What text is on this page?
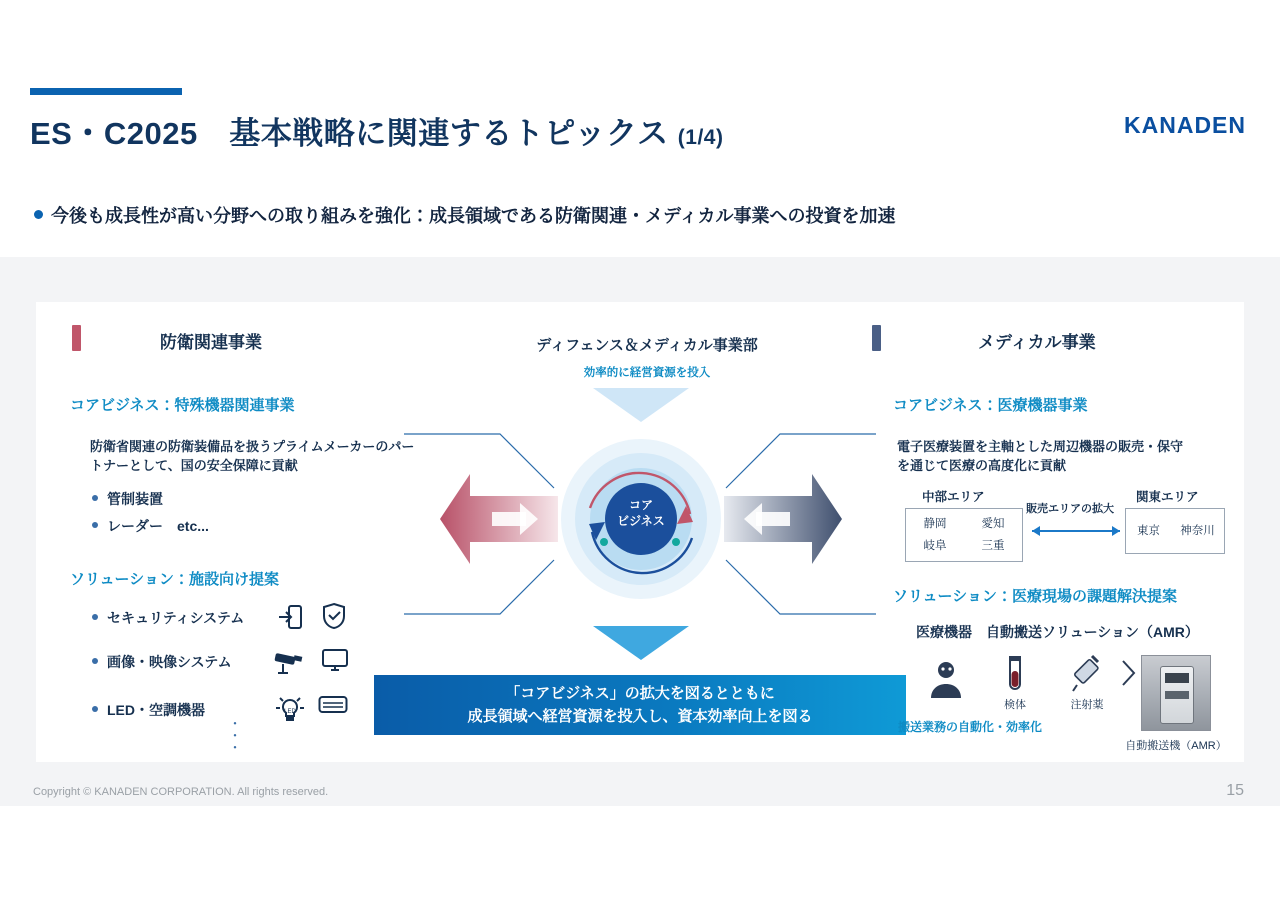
ES・C2025　基本戦略に関連するトピックス (1/4)	KANADEN
今後も成長性が高い分野への取り組みを強化：成長領域である防衛関連・メディカル事業への投資を加速
防衛関連事業
コアビジネス：特殊機器関連事業
防衛省関連の防衛装備品を扱うプライムメーカーのパートナーとして、国の安全保障に貢献
管制装置
レーダー　etc...
ソリューション：施設向け提案
セキュリティシステム
画像・映像システム
LED・空調機器	LED
・
・
・
ディフェンス＆メディカル事業部
効率的に経営資源を投入
コア
ビジネス
「コアビジネス」の拡大を図るとともに
成長領域へ経営資源を投入し、資本効率向上を図る
メディカル事業
コアビジネス：医療機器事業
電子医療装置を主軸とした周辺機器の販売・保守を通じて医療の高度化に貢献
中部エリア
静岡	愛知
岐阜	三重
販売エリアの拡大
関東エリア
東京	神奈川
ソリューション：医療現場の課題解決提案
医療機器　自動搬送ソリューション（AMR）
検体	注射薬
自動搬送機（AMR）
搬送業務の自動化・効率化
Copyright © KANADEN CORPORATION. All rights reserved.	15
